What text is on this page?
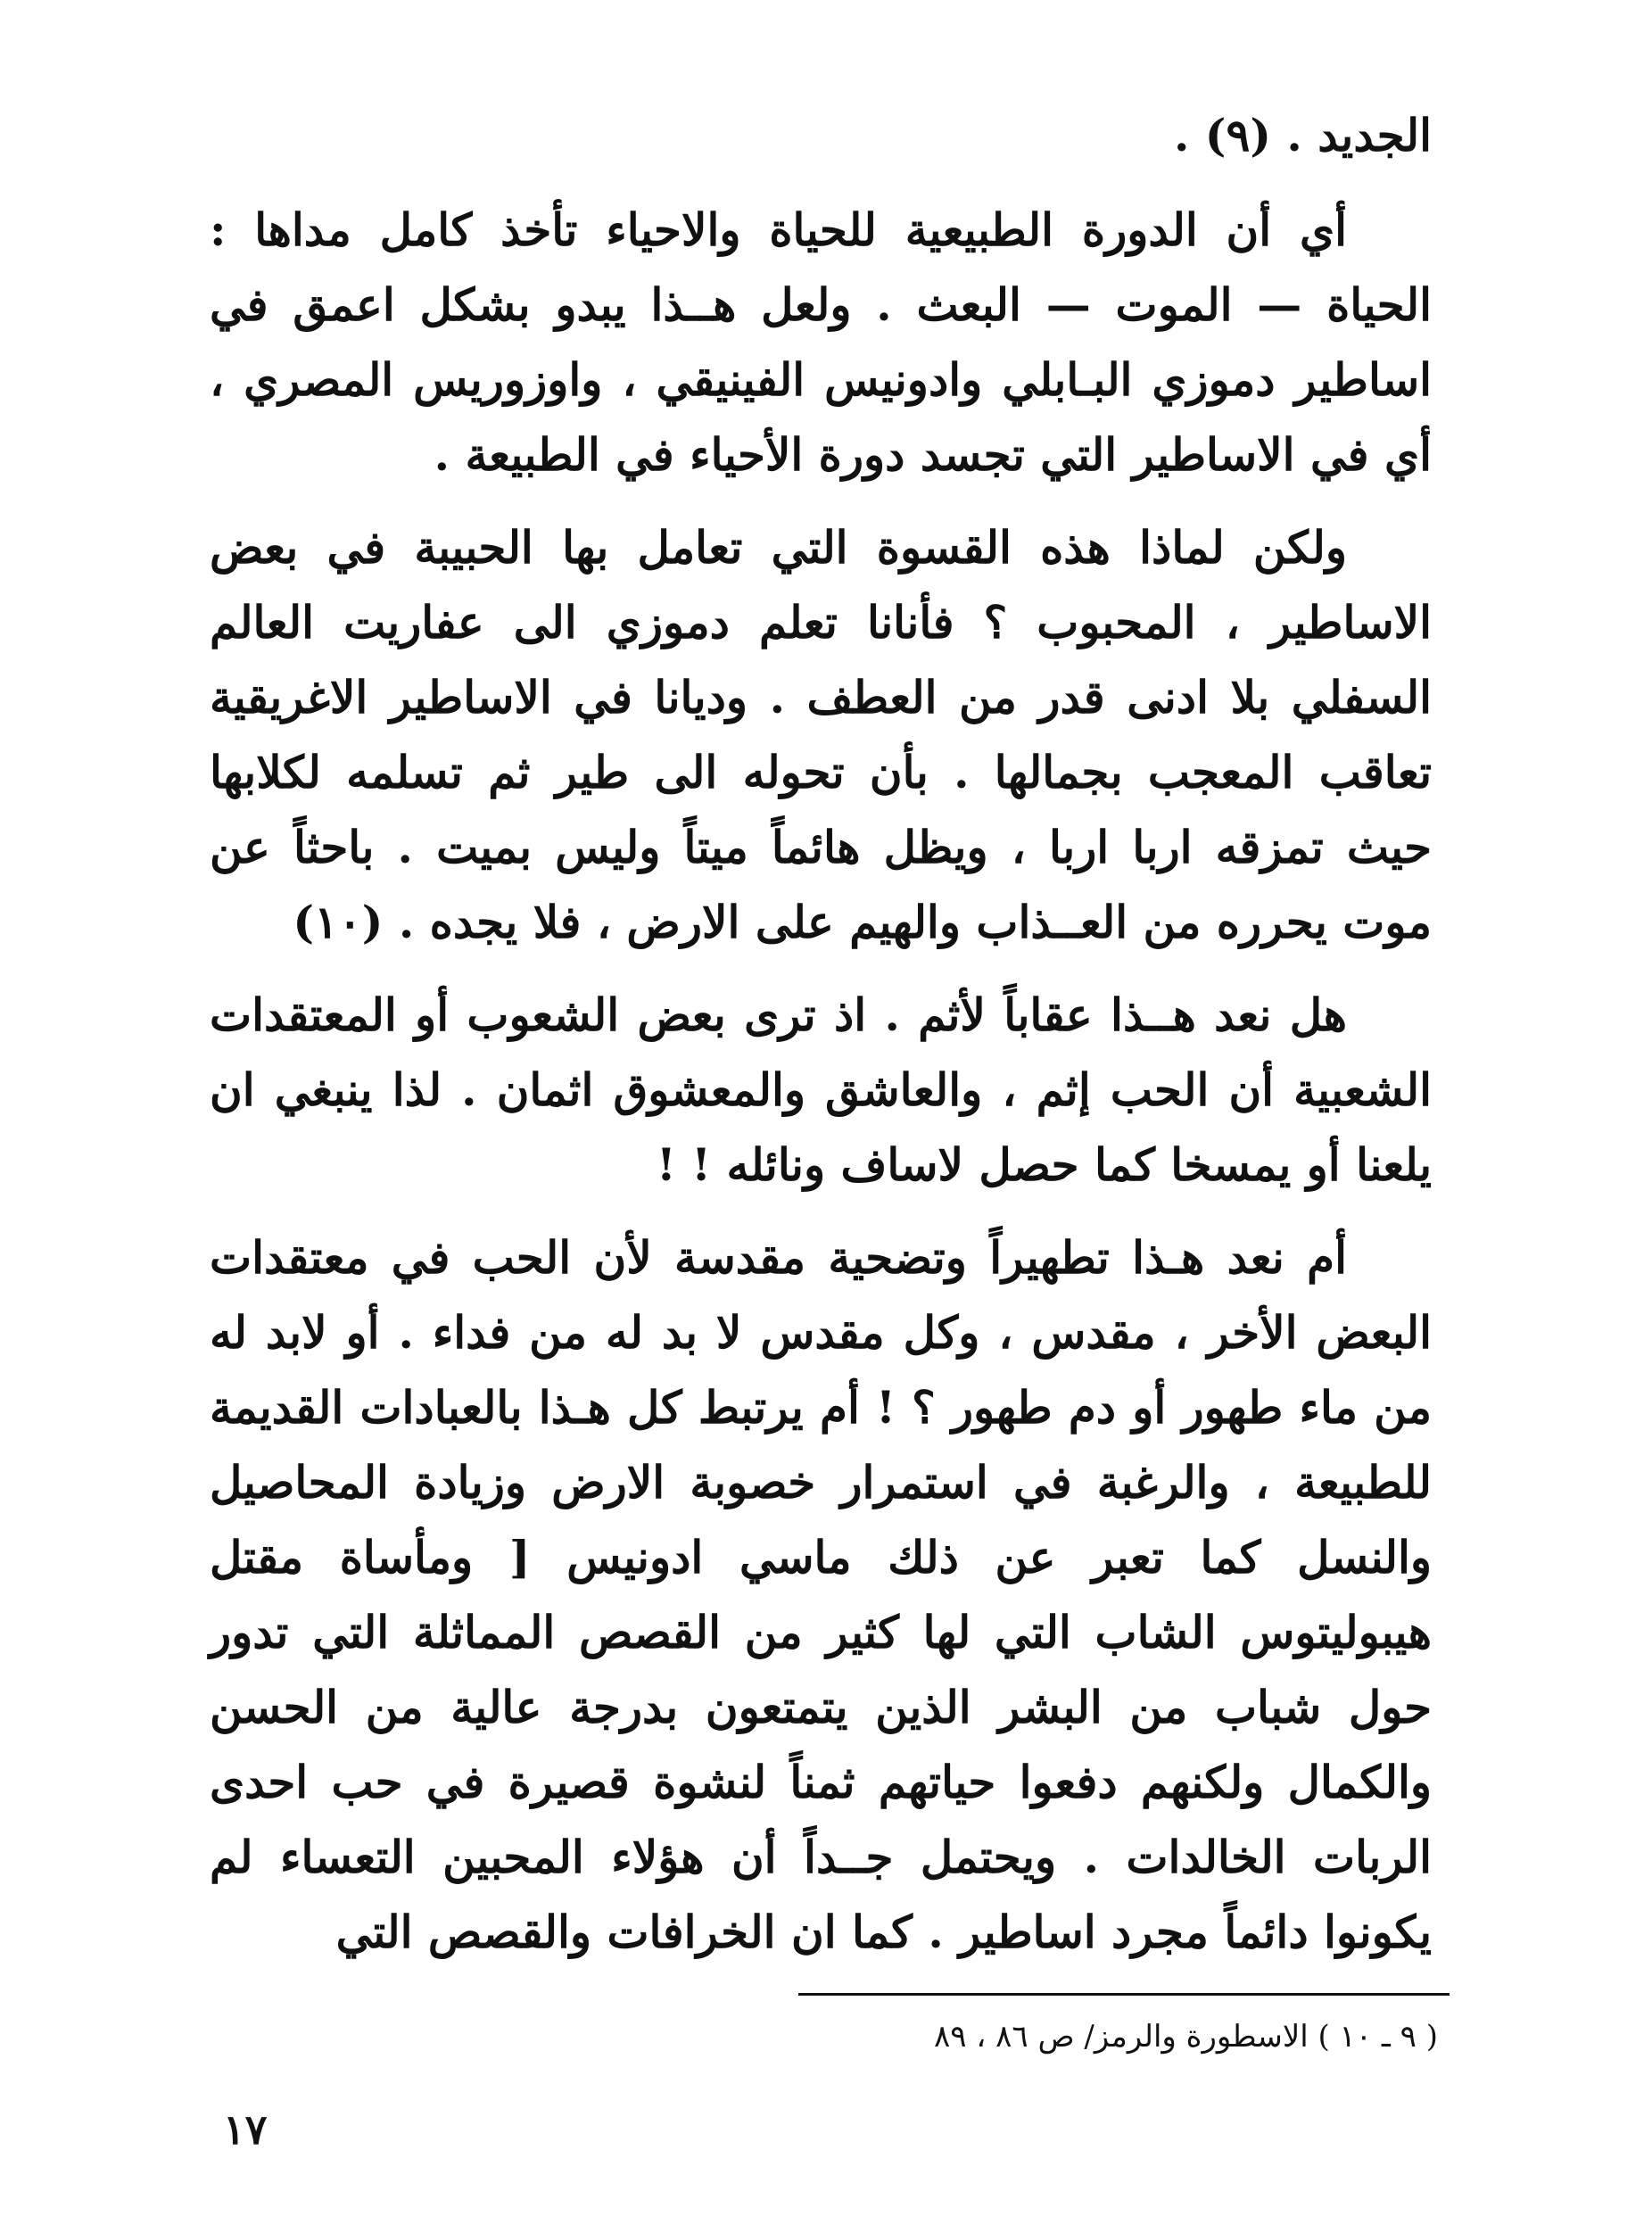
الجديد . (٩) .

أي أن الدورة الطبيعية للحياة والاحياء تأخذ كامل مداها : الحياة — الموت — البعث . ولعل هــذا يبدو بشكل اعمق في اساطير دموزي البـابلي وادونيس الفينيقي ، واوزوريس المصري ، أي في الاساطير التي تجسد دورة الأحياء في الطبيعة .

ولكن لماذا هذه القسوة التي تعامل بها الحبيبة في بعض الاساطير ، المحبوب ؟ فأنانا تعلم دموزي الى عفاريت العالم السفلي بلا ادنى قدر من العطف . وديانا في الاساطير الاغريقية تعاقب المعجب بجمالها . بأن تحوله الى طير ثم تسلمه لكلابها حيث تمزقه اربا اربا ، ويظل هائماً ميتاً وليس بميت . باحثاً عن موت يحرره من العــذاب والهيم على الارض ، فلا يجده . (١٠)

هل نعد هــذا عقاباً لأثم . اذ ترى بعض الشعوب أو المعتقدات الشعبية أن الحب إثم ، والعاشق والمعشوق اثمان . لذا ينبغي ان يلعنا أو يمسخا كما حصل لاساف ونائله ! !

أم نعد هـذا تطهيراً وتضحية مقدسة لأن الحب في معتقدات البعض الأخر ، مقدس ، وكل مقدس لا بد له من فداء . أو لابد له من ماء طهور أو دم طهور ؟ ! أم يرتبط كل هـذا بالعبادات القديمة للطبيعة ، والرغبة في استمرار خصوبة الارض وزيادة المحاصيل والنسل كما تعبر عن ذلك ماسي ادونيس [ ومأساة مقتل هيبوليتوس الشاب التي لها كثير من القصص المماثلة التي تدور حول شباب من البشر الذين يتمتعون بدرجة عالية من الحسن والكمال ولكنهم دفعوا حياتهم ثمناً لنشوة قصيرة في حب احدى الربات الخالدات . ويحتمل جــداً أن هؤلاء المحبين التعساء لم يكونوا دائماً مجرد اساطير . كما ان الخرافات والقصص التي

( ٩ ـ ١٠ ) الاسطورة والرمز/ ص ٨٦ ، ٨٩
١٧
